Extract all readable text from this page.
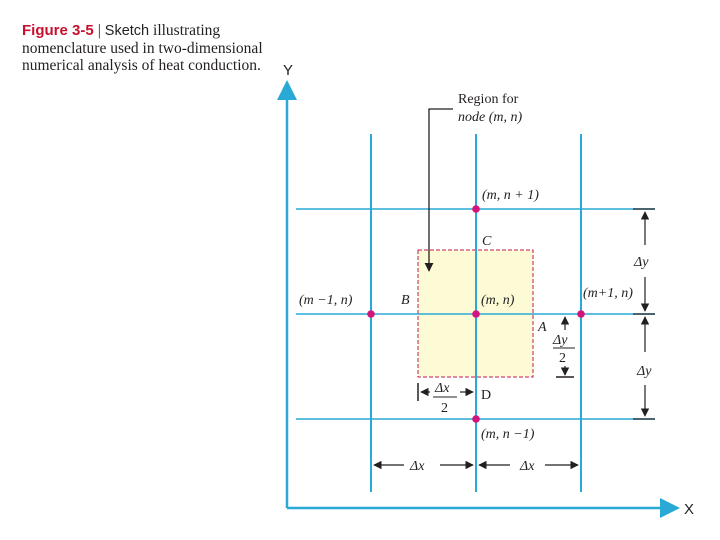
Figure 3-5 | Sketch illustrating nomenclature used in two-dimensional numerical analysis of heat conduction.	Y
X
(m, n + 1)
(m, n)
(m −1, n)	(m+1, n)
(m, n −1)
C
B
A
D
Region for
node (m, n)
Δy
Δy
Δy
2
Δx
2
Δx	Δx
